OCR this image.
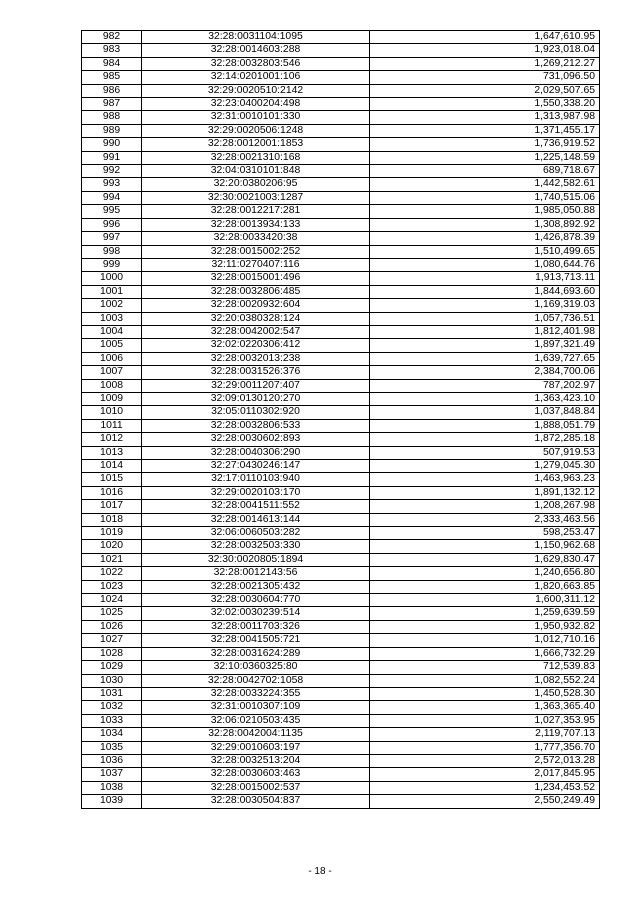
982	32:28:0031104:1095	1,647,610.95
983	32:28:0014603:288	1,923,018.04
984	32:28:0032803:546	1,269,212.27
985	32:14:0201001:106	731,096.50
986	32:29:0020510:2142	2,029,507.65
987	32:23:0400204:498	1,550,338.20
988	32:31:0010101:330	1,313,987.98
989	32:29:0020506:1248	1,371,455.17
990	32:28:0012001:1853	1,736,919.52
991	32:28:0021310:168	1,225,148.59
992	32:04:0310101:848	689,718.67
993	32:20:0380206:95	1,442,582.61
994	32:30:0021003:1287	1,740,515.06
995	32:28:0012217:281	1,985,050.88
996	32:28:0013934:133	1,308,892.92
997	32:28:0033420:38	1,426,878.39
998	32:28:0015002:252	1,510,499.65
999	32:11:0270407:116	1,080,644.76
1000	32:28:0015001:496	1,913,713.11
1001	32:28:0032806:485	1,844,693.60
1002	32:28:0020932:604	1,169,319.03
1003	32:20:0380328:124	1,057,736.51
1004	32:28:0042002:547	1,812,401.98
1005	32:02:0220306:412	1,897,321.49
1006	32:28:0032013:238	1,639,727.65
1007	32:28:0031526:376	2,384,700.06
1008	32:29:0011207:407	787,202.97
1009	32:09:0130120:270	1,363,423.10
1010	32:05:0110302:920	1,037,848.84
1011	32:28:0032806:533	1,888,051.79
1012	32:28:0030602:893	1,872,285.18
1013	32:28:0040306:290	507,919.53
1014	32:27:0430246:147	1,279,045.30
1015	32:17:0110103:940	1,463,963.23
1016	32:29:0020103:170	1,891,132.12
1017	32:28:0041511:552	1,208,267.98
1018	32:28:0014613:144	2,333,463.56
1019	32:06:0060503:282	598,253.47
1020	32:28:0032503:330	1,150,962.68
1021	32:30:0020805:1894	1,629,830.47
1022	32:28:0012143:56	1,240,656.80
1023	32:28:0021305:432	1,820,663.85
1024	32:28:0030604:770	1,600,311.12
1025	32:02:0030239:514	1,259,639.59
1026	32:28:0011703:326	1,950,932.82
1027	32:28:0041505:721	1,012,710.16
1028	32:28:0031624:289	1,666,732.29
1029	32:10:0360325:80	712,539.83
1030	32:28:0042702:1058	1,082,552.24
1031	32:28:0033224:355	1,450,528.30
1032	32:31:0010307:109	1,363,365.40
1033	32:06:0210503:435	1,027,353.95
1034	32:28:0042004:1135	2,119,707.13
1035	32:29:0010603:197	1,777,356.70
1036	32:28:0032513:204	2,572,013.28
1037	32:28:0030603:463	2,017,845.95
1038	32:28:0015002:537	1,234,453.52
1039	32:28:0030504:837	2,550,249.49
- 18 -
